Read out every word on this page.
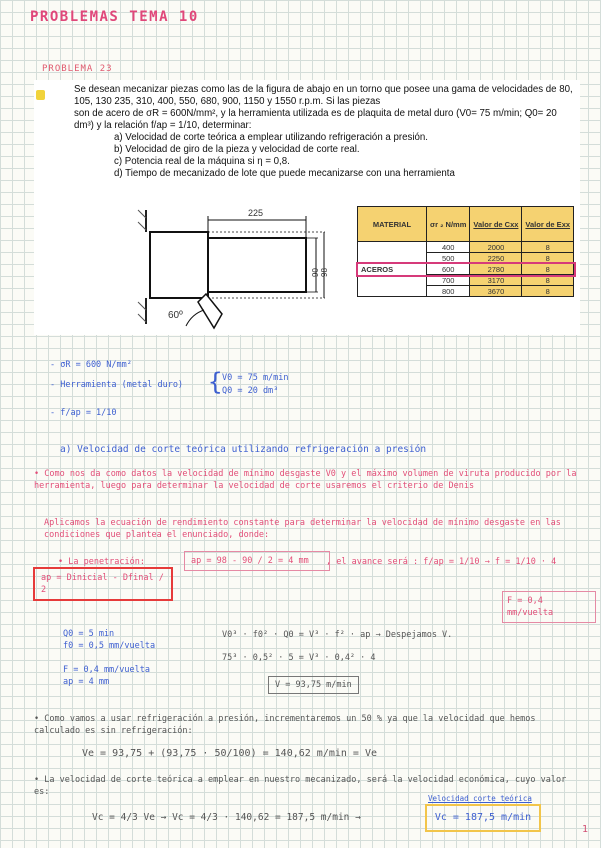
PROBLEMAS TEMA 10
PROBLEMA 23
Se desean mecanizar piezas como las de la figura de abajo en un torno que posee una gama de velocidades de 80, 105, 130 235, 310, 400, 550, 680, 900, 1150 y 1550 r.p.m. Si las piezas
son de acero de σR = 600N/mm², y la herramienta utilizada es de plaquita de metal duro (V0= 75 m/min; Q0= 20 dm³) y la relación f/ap = 1/10, determinar:
a) Velocidad de corte teórica a emplear utilizando refrigeración a presión.
b) Velocidad de giro de la pieza y velocidad de corte real.
c) Potencia real de la máquina si η = 0,8.
d) Tiempo de mecanizado de lote que puede mecanizarse con una herramienta
225
90 98
60º
MATERIAL	σr ₂ N/mm	Valor de Cxx	Valor de Exx
ACEROS	400	2000	8
	500	2250	8
	600	2780	8
	700	3170	8
	800	3670	8
- σR = 600 N/mm²
- Herramienta (metal duro) { V0 = 75 m/min
Q0 = 20 dm³
- f/ap = 1/10
a) Velocidad de corte teórica utilizando refrigeración a presión
• Como nos da como datos la velocidad de mínimo desgaste V0 y el máximo volumen de viruta producido por la herramienta, luego para determinar la velocidad de corte usaremos el criterio de Denis
Aplicamos la ecuación de rendimiento constante para determinar la velocidad de mínimo desgaste en las condiciones que plantea el enunciado, donde:
• La penetración:
ap = Dinicial - Dfinal / 2
ap = 98 - 90 / 2 = 4 mm	, el avance será : f/ap = 1/10 → f = 1/10 · 4
F = 0,4 mm/vuelta
Q0 = 5 min
f0 = 0,5 mm/vuelta
F = 0,4 mm/vuelta
ap = 4 mm
V0³ · f0² · Q0 = V³ · f² · ap → Despejamos V.
75³ · 0,5² · 5 = V³ · 0,4² · 4
V = 93,75 m/min
• Como vamos a usar refrigeración a presión, incrementaremos un 50 % ya que la velocidad que hemos calculado es sin refrigeración:
Ve = 93,75 + (93,75 · 50/100) = 140,62 m/min = Ve
• La velocidad de corte teórica a emplear en nuestro mecanizado, será la velocidad económica, cuyo valor es:
Vc = 4/3 Ve → Vc = 4/3 · 140,62 = 187,5 m/min →
Velocidad corte teórica
Vc = 187,5 m/min
1
